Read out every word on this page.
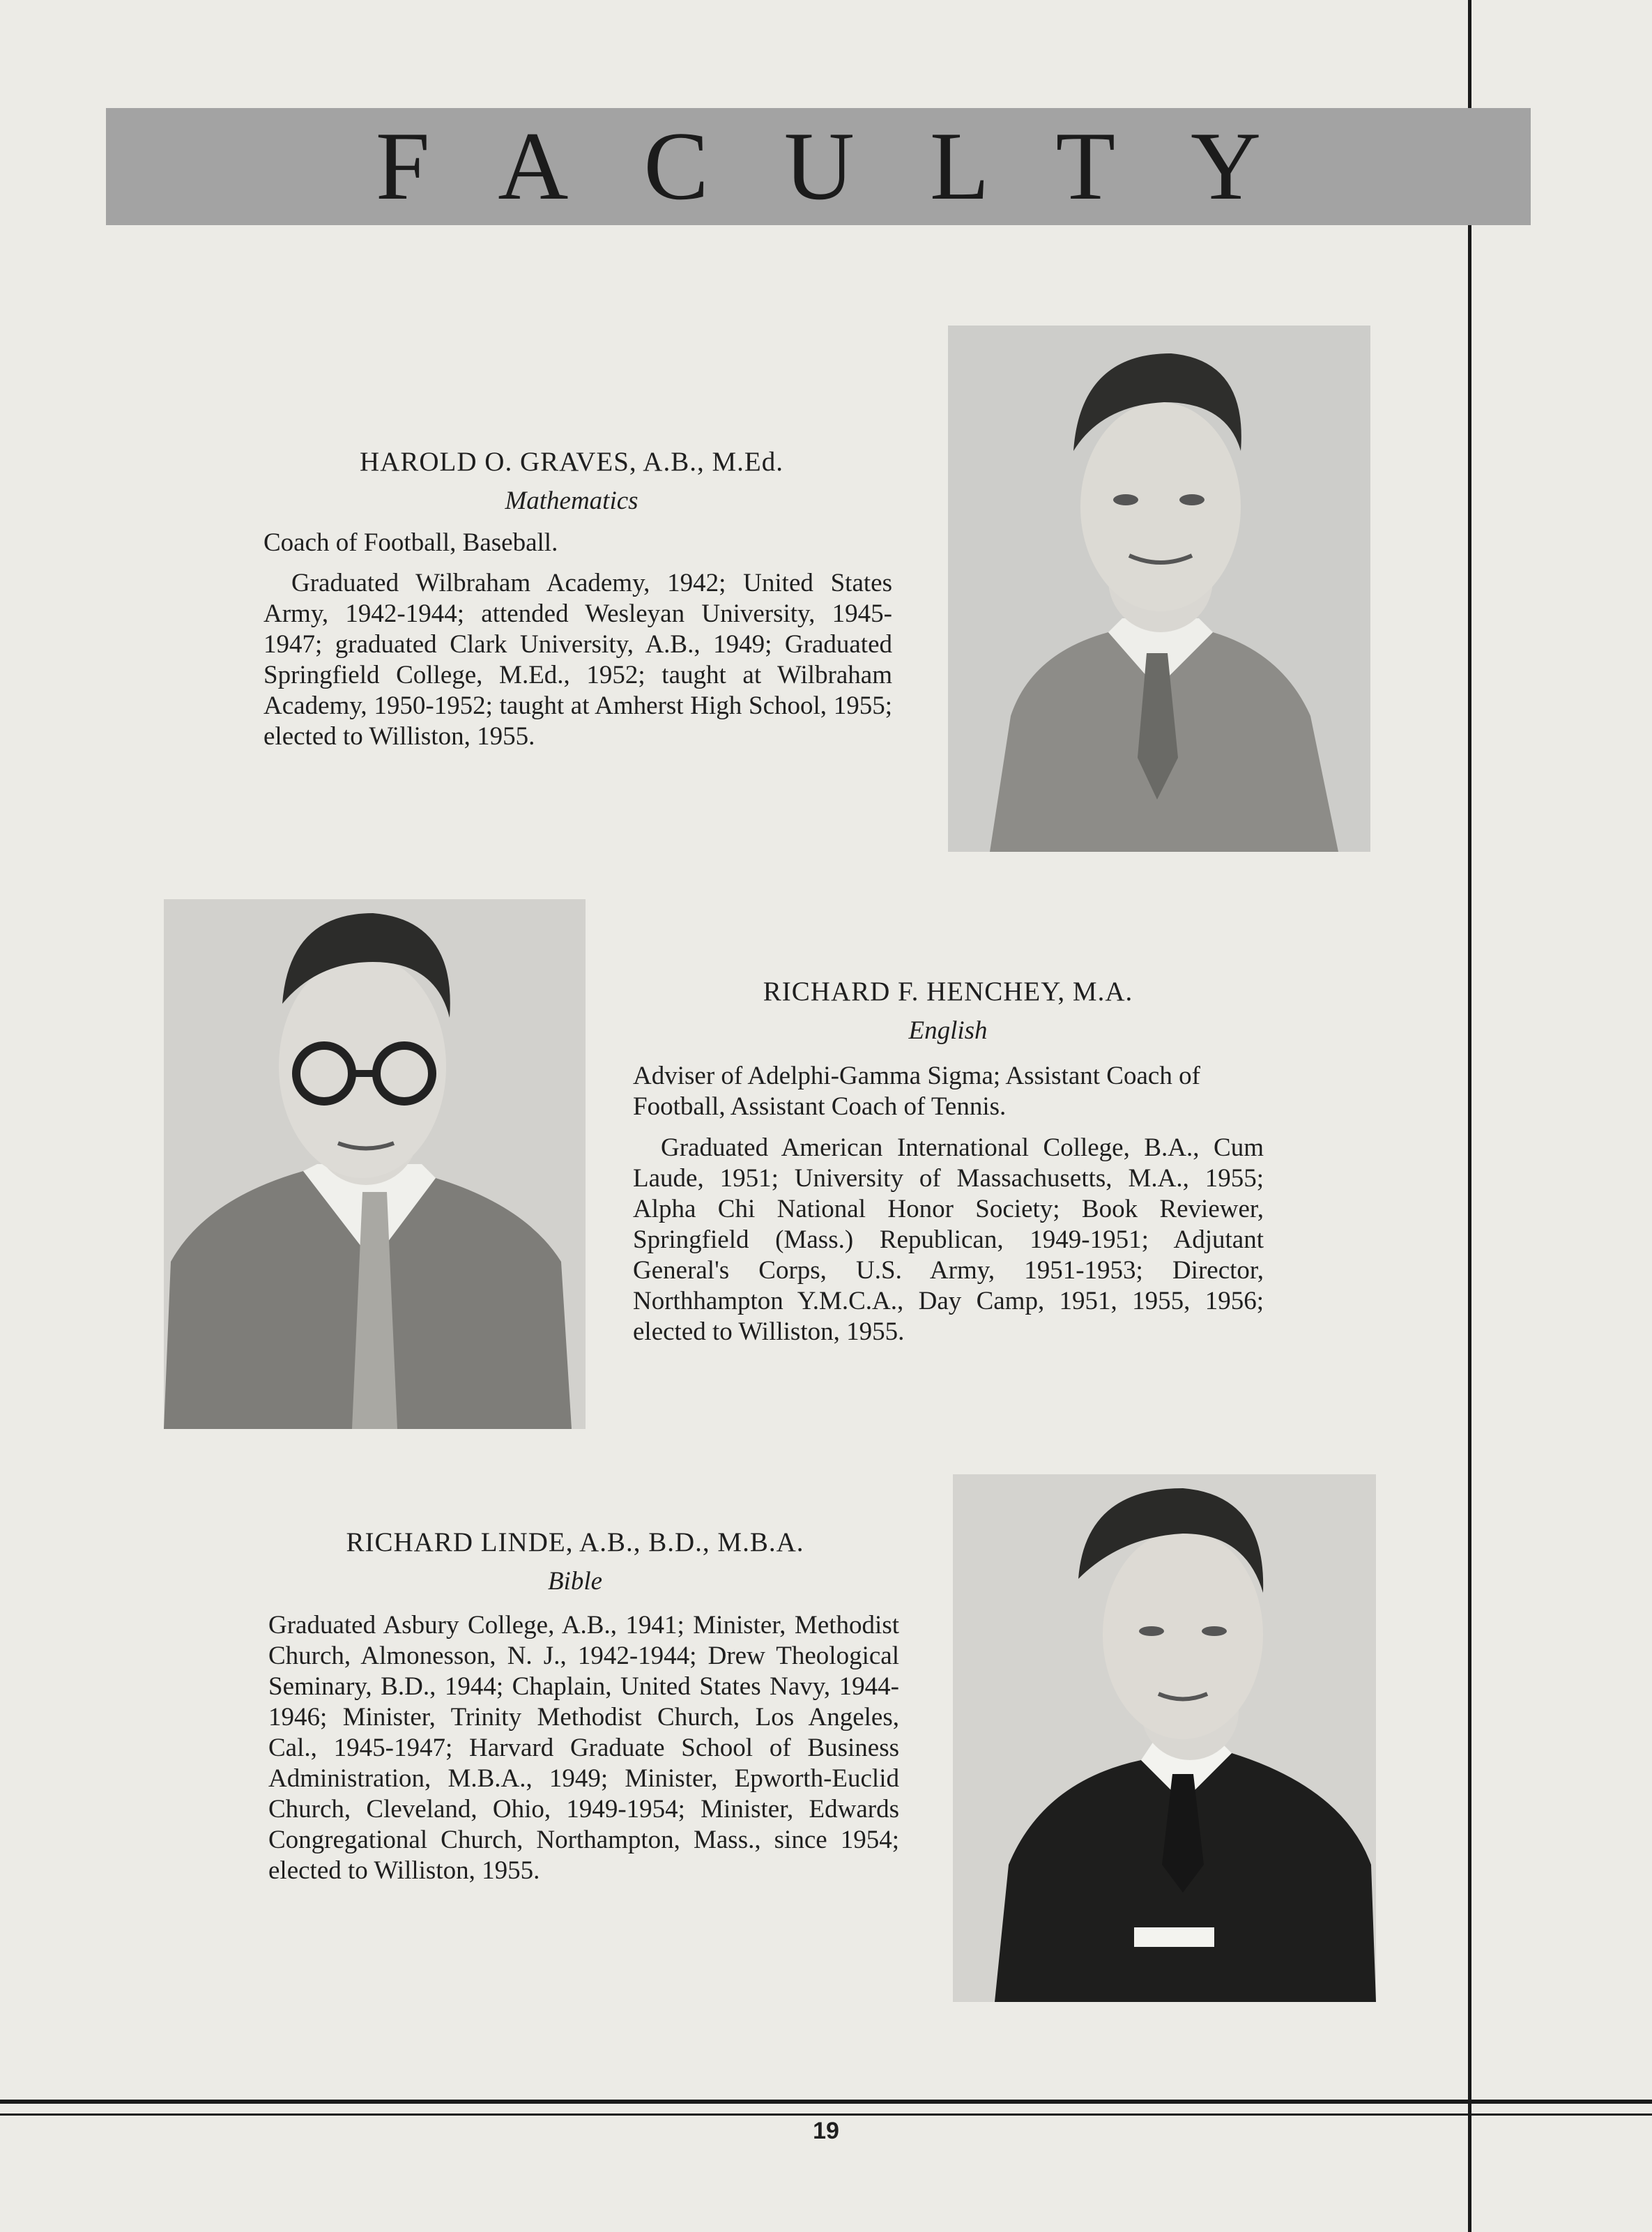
FACULTY
HAROLD O. GRAVES, A.B., M.Ed.
Mathematics
Coach of Football, Baseball.
Graduated Wilbraham Academy, 1942; United States Army, 1942-1944; attended Wesleyan University, 1945-1947; graduated Clark University, A.B., 1949; Graduated Springfield College, M.Ed., 1952; taught at Wilbraham Academy, 1950-1952; taught at Amherst High School, 1955; elected to Williston, 1955.
RICHARD F. HENCHEY, M.A.
English
Adviser of Adelphi-Gamma Sigma; Assistant Coach of Football, Assistant Coach of Tennis.
Graduated American International College, B.A., Cum Laude, 1951; University of Massachusetts, M.A., 1955; Alpha Chi National Honor Society; Book Reviewer, Springfield (Mass.) Republican, 1949-1951; Adjutant General's Corps, U.S. Army, 1951-1953; Director, Northhampton Y.M.C.A., Day Camp, 1951, 1955, 1956; elected to Williston, 1955.
RICHARD LINDE, A.B., B.D., M.B.A.
Bible
Graduated Asbury College, A.B., 1941; Minister, Methodist Church, Almonesson, N. J., 1942-1944; Drew Theological Seminary, B.D., 1944; Chaplain, United States Navy, 1944-1946; Minister, Trinity Methodist Church, Los Angeles, Cal., 1945-1947; Harvard Graduate School of Business Administration, M.B.A., 1949; Minister, Epworth-Euclid Church, Cleveland, Ohio, 1949-1954; Minister, Edwards Congregational Church, Northampton, Mass., since 1954; elected to Williston, 1955.
19
